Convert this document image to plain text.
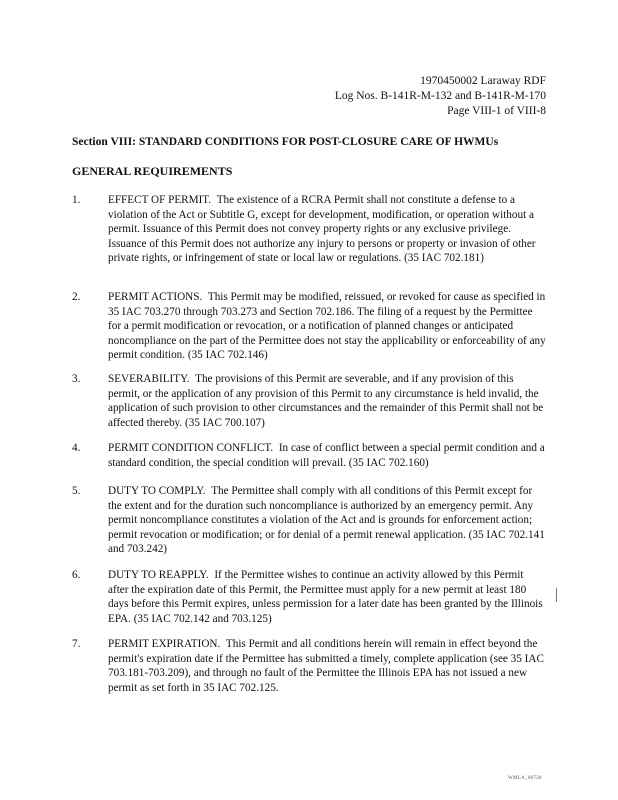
1970450002 Laraway RDF
Log Nos. B-141R-M-132 and B-141R-M-170
Page VIII-1 of VIII-8
Section VIII: STANDARD CONDITIONS FOR POST-CLOSURE CARE OF HWMUs
GENERAL REQUIREMENTS
1. EFFECT OF PERMIT. The existence of a RCRA Permit shall not constitute a defense to a violation of the Act or Subtitle G, except for development, modification, or operation without a permit. Issuance of this Permit does not convey property rights or any exclusive privilege. Issuance of this Permit does not authorize any injury to persons or property or invasion of other private rights, or infringement of state or local law or regulations. (35 IAC 702.181)
2. PERMIT ACTIONS. This Permit may be modified, reissued, or revoked for cause as specified in 35 IAC 703.270 through 703.273 and Section 702.186. The filing of a request by the Permittee for a permit modification or revocation, or a notification of planned changes or anticipated noncompliance on the part of the Permittee does not stay the applicability or enforceability of any permit condition. (35 IAC 702.146)
3. SEVERABILITY. The provisions of this Permit are severable, and if any provision of this permit, or the application of any provision of this Permit to any circumstance is held invalid, the application of such provision to other circumstances and the remainder of this Permit shall not be affected thereby. (35 IAC 700.107)
4. PERMIT CONDITION CONFLICT. In case of conflict between a special permit condition and a standard condition, the special condition will prevail. (35 IAC 702.160)
5. DUTY TO COMPLY. The Permittee shall comply with all conditions of this Permit except for the extent and for the duration such noncompliance is authorized by an emergency permit. Any permit noncompliance constitutes a violation of the Act and is grounds for enforcement action; permit revocation or modification; or for denial of a permit renewal application. (35 IAC 702.141 and 703.242)
6. DUTY TO REAPPLY. If the Permittee wishes to continue an activity allowed by this Permit after the expiration date of this Permit, the Permittee must apply for a new permit at least 180 days before this Permit expires, unless permission for a later date has been granted by the Illinois EPA. (35 IAC 702.142 and 703.125)
7. PERMIT EXPIRATION. This Permit and all conditions herein will remain in effect beyond the permit's expiration date if the Permittee has submitted a timely, complete application (see 35 IAC 703.181-703.209), and through no fault of the Permittee the Illinois EPA has not issued a new permit as set forth in 35 IAC 702.125.
WMLA_00728
